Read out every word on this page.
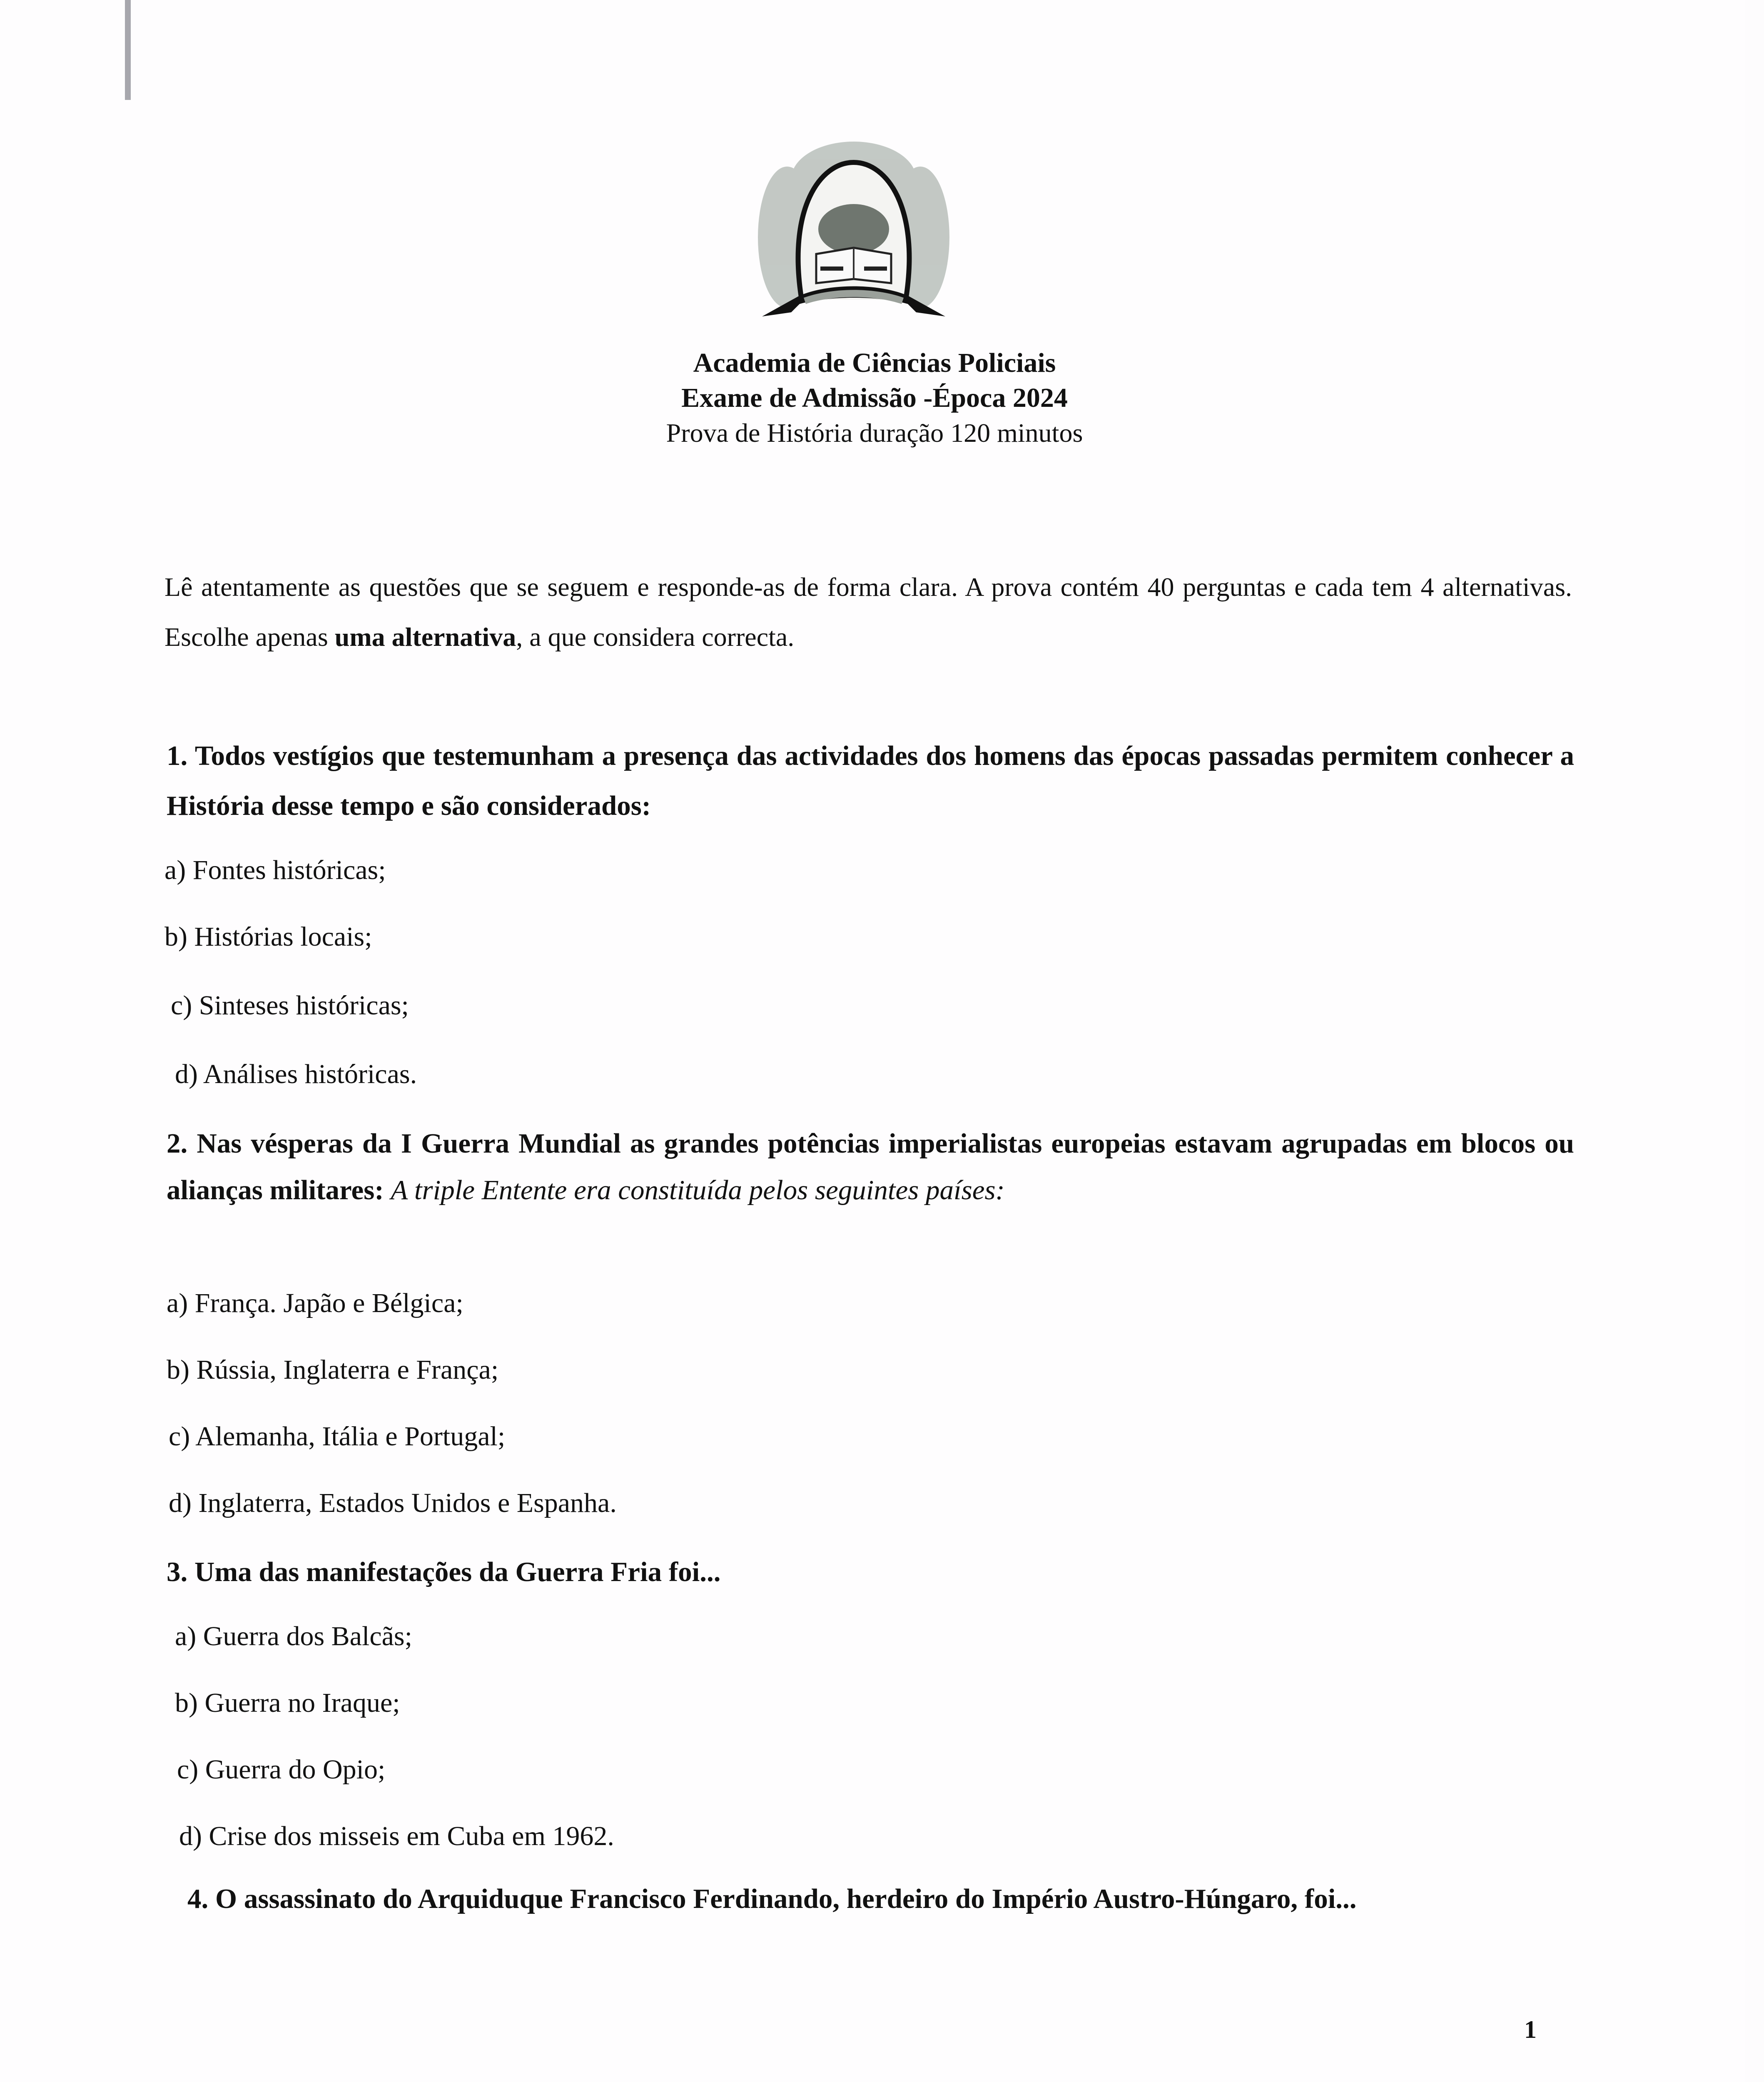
Academia de Ciências Policiais
Exame de Admissão -Época 2024
Prova de História duração 120 minutos
Lê atentamente as questões que se seguem e responde-as de forma clara. A prova contém 40 perguntas e cada tem 4 alternativas. Escolhe apenas uma alternativa, a que considera correcta.
1. Todos vestígios que testemunham a presença das actividades dos homens das épocas passadas permitem conhecer a História desse tempo e são considerados:
a) Fontes históricas;
b) Histórias locais;
c) Sinteses históricas;
d) Análises históricas.
2. Nas vésperas da I Guerra Mundial as grandes potências imperialistas europeias estavam agrupadas em blocos ou alianças militares: A triple Entente era constituída pelos seguintes países:
a) França. Japão e Bélgica;
b) Rússia, Inglaterra e França;
c) Alemanha, Itália e Portugal;
d) Inglaterra, Estados Unidos e Espanha.
3. Uma das manifestações da Guerra Fria foi...
a) Guerra dos Balcãs;
b) Guerra no Iraque;
c) Guerra do Opio;
d) Crise dos misseis em Cuba em 1962.
4. O assassinato do Arquiduque Francisco Ferdinando, herdeiro do Império Austro-Húngaro, foi...
1
